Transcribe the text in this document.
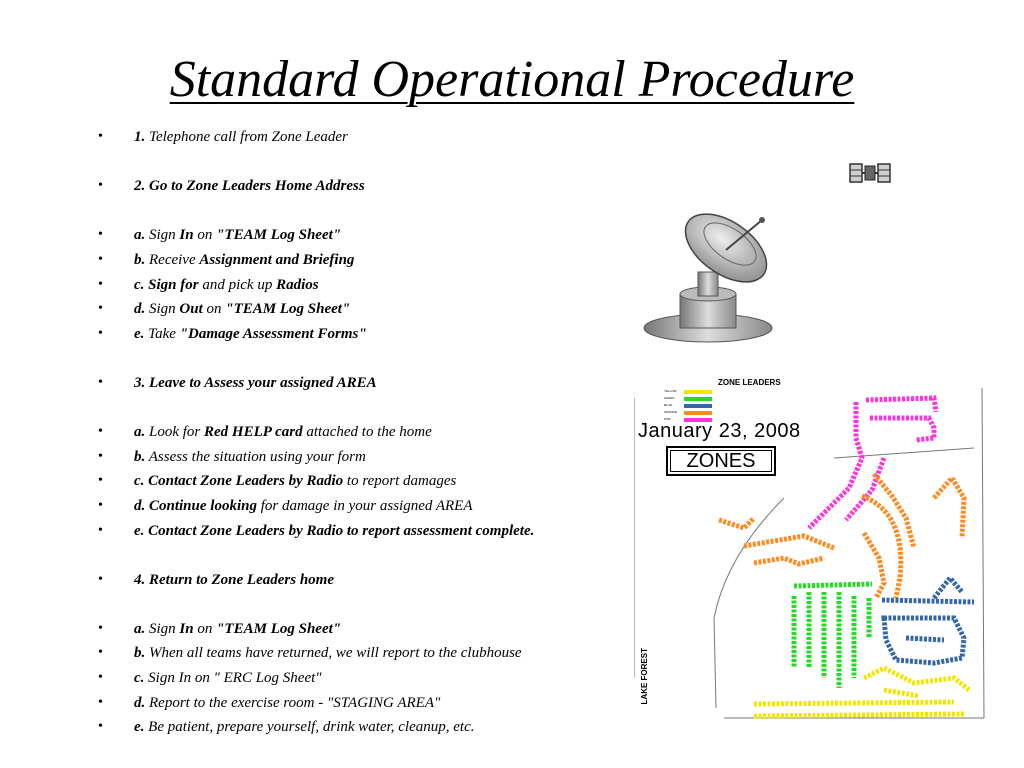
Standard Operational Procedure
• 1. Telephone call from Zone Leader
• 2. Go to Zone Leaders Home Address
• a. Sign In on "TEAM Log Sheet"
• b. Receive Assignment and Briefing
• c. Sign for and pick up Radios
• d. Sign Out on "TEAM Log Sheet"
• e. Take "Damage Assessment Forms"
• 3. Leave to Assess your assigned AREA
• a. Look for Red HELP card attached to the home
• b. Assess the situation using your form
• c. Contact Zone Leaders by Radio to report damages
• d. Continue looking for damage in your assigned AREA
• e. Contact Zone Leaders by Radio to report assessment complete.
• 4. Return to Zone Leaders home
• a. Sign In on "TEAM Log Sheet"
• b. When all teams have returned, we will report to the clubhouse
• c. Sign In on " ERC Log Sheet"
• d. Report to the exercise room - "STAGING AREA"
• e. Be patient, prepare yourself, drink water, cleanup, etc.
ZONE LEADERS
YELLOW
GREEN
BLUE
ORANGE
PINK
January 23, 2008
ZONES
LAKE FOREST
